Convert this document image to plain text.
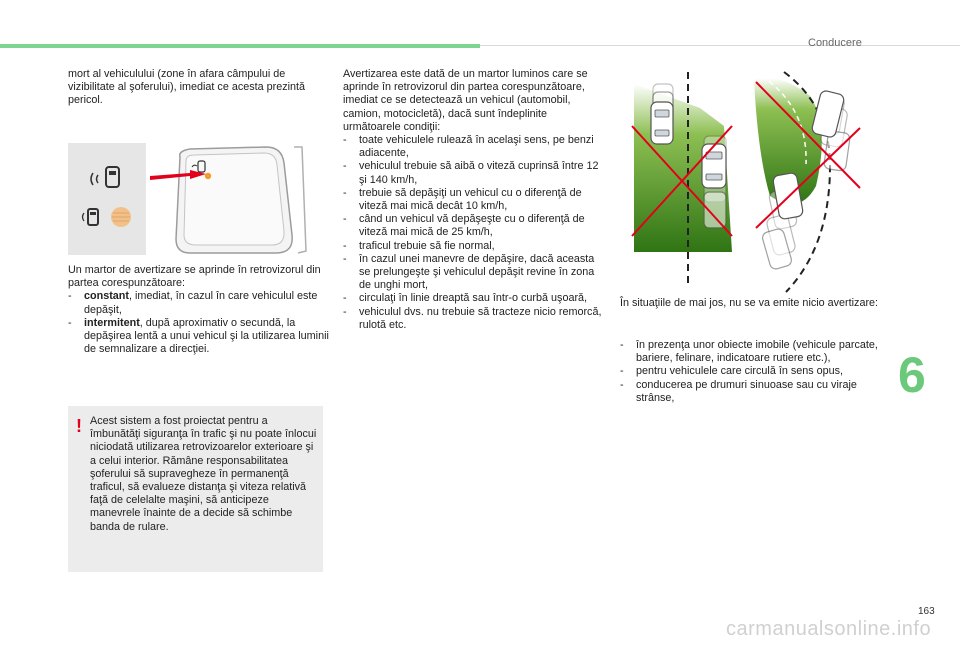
Conducere

mort al vehiculului (zone în afara câmpului de vizibilitate al şoferului), imediat ce acesta prezintă pericol.

Un martor de avertizare se aprinde în retrovizorul din partea corespunzătoare:

- constant, imediat, în cazul în care vehiculul este depăşit,
- intermitent, după aproximativ o secundă, la depăşirea lentă a unui vehicul şi la utilizarea luminii de semnalizare a direcţiei.
! Acest sistem a fost proiectat pentru a îmbunătăţi siguranţa în trafic şi nu poate înlocui niciodată utilizarea retrovizoarelor exterioare şi a celui interior. Rămâne responsabilitatea şoferului să supravegheze în permanenţă traficul, să evalueze distanţa şi viteza relativă faţă de celelalte maşini, să anticipeze manevrele înainte de a decide să schimbe banda de rulare.

Avertizarea este dată de un martor luminos care se aprinde în retrovizorul din partea corespunzătoare, imediat ce se detectează un vehicul (automobil, camion, motocicletă), dacă sunt îndeplinite următoarele condiţii:

- toate vehiculele rulează în acelaşi sens, pe benzi adiacente,
- vehiculul trebuie să aibă o viteză cuprinsă între 12 şi 140 km/h,
- trebuie să depăşiţi un vehicul cu o diferenţă de viteză mai mică decât 10 km/h,
- când un vehicul vă depăşeşte cu o diferenţă de viteză mai mică de 25 km/h,
- traficul trebuie să fie normal,
- în cazul unei manevre de depăşire, dacă aceasta se prelungeşte şi vehiculul depăşit revine în zona de unghi mort,
- circulaţi în linie dreaptă sau într-o curbă uşoară,
- vehiculul dvs. nu trebuie să tracteze nicio remorcă, rulotă etc.

În situaţiile de mai jos, nu se va emite nicio avertizare:

- în prezenţa unor obiecte imobile (vehicule parcate, bariere, felinare, indicatoare rutiere etc.),
- pentru vehiculele care circulă în sens opus,
- conducerea pe drumuri sinuoase sau cu viraje strânse,	6
163
carmanualsonline.info
